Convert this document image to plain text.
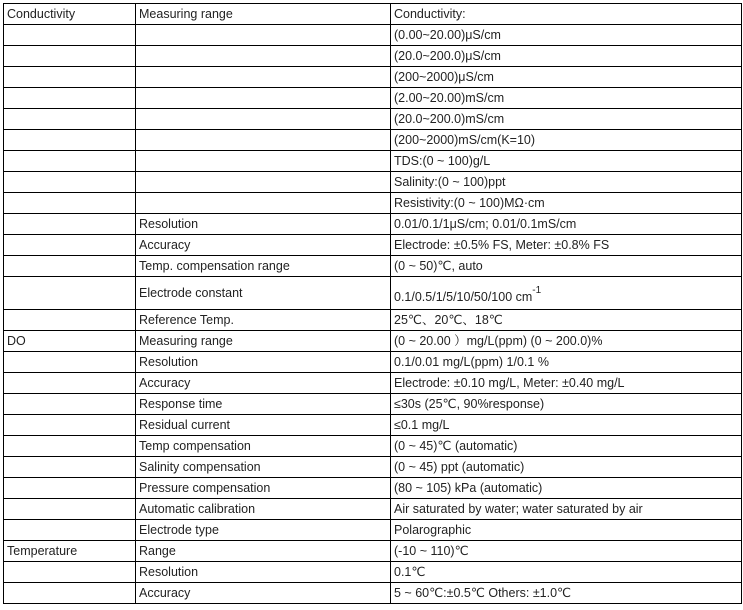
Conductivity	Measuring range	Conductivity:
		(0.00~20.00)μS/cm
		(20.0~200.0)μS/cm
		(200~2000)μS/cm
		(2.00~20.00)mS/cm
		(20.0~200.0)mS/cm
		(200~2000)mS/cm(K=10)
		TDS:(0 ~ 100)g/L
		Salinity:(0 ~ 100)ppt
		Resistivity:(0 ~ 100)MΩ·cm
	Resolution	0.01/0.1/1μS/cm; 0.01/0.1mS/cm
	Accuracy	Electrode: ±0.5% FS, Meter: ±0.8% FS
	Temp. compensation range	(0 ~ 50)℃, auto
	Electrode constant	0.1/0.5/1/5/10/50/100 $cm^{-1}$
	Reference Temp.	25℃、20℃、18℃
DO	Measuring range	(0 ~ 20.00 ）mg/L(ppm) (0 ~ 200.0)%
	Resolution	0.1/0.01 mg/L(ppm) 1/0.1 %
	Accuracy	Electrode: ±0.10 mg/L, Meter: ±0.40 mg/L
	Response time	≤30s (25℃, 90%response)
	Residual current	≤0.1 mg/L
	Temp compensation	(0 ~ 45)℃ (automatic)
	Salinity compensation	(0 ~ 45) ppt (automatic)
	Pressure compensation	(80 ~ 105) kPa (automatic)
	Automatic calibration	Air saturated by water; water saturated by air
	Electrode type	Polarographic
Temperature	Range	(-10 ~ 110)℃
	Resolution	0.1℃
	Accuracy	5 ~ 60℃:±0.5℃ Others: ±1.0℃
